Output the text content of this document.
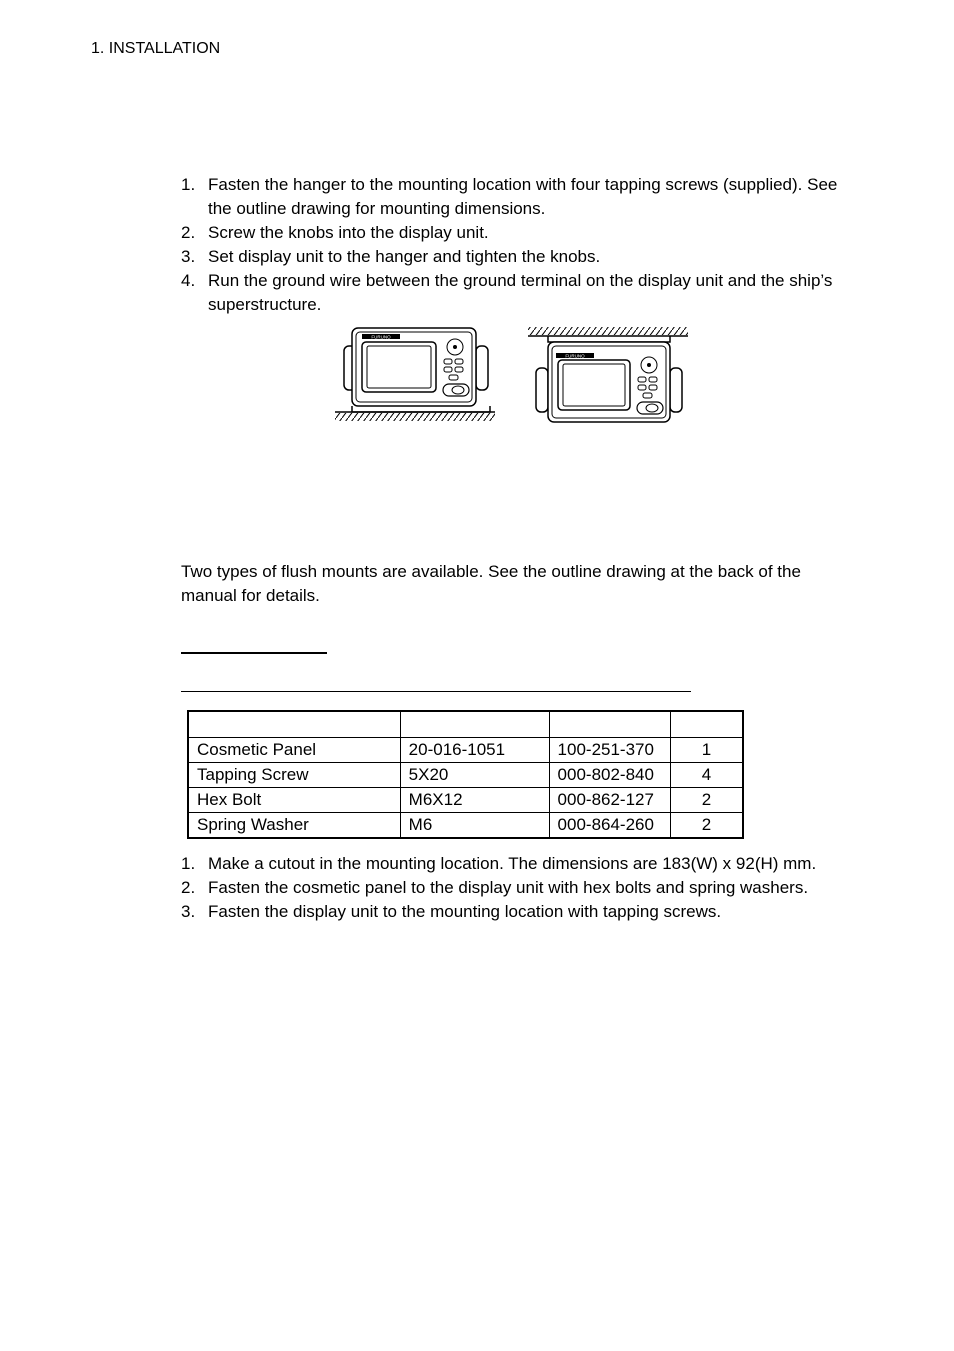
1. INSTALLATION
1. Fasten the hanger to the mounting location with four tapping screws (supplied). See the outline drawing for mounting dimensions.
2. Screw the knobs into the display unit.
3. Set display unit to the hanger and tighten the knobs.
4. Run the ground wire between the ground terminal on the display unit and the ship’s superstructure.
FURUNO
FURUNO
Two types of flush mounts are available. See the outline drawing at the back of the manual for details.

Cosmetic Panel	20-016-1051	100-251-370	1
Tapping Screw	5X20	000-802-840	4
Hex Bolt	M6X12	000-862-127	2
Spring Washer	M6	000-864-260	2
1. Make a cutout in the mounting location. The dimensions are 183(W) x 92(H) mm.
2. Fasten the cosmetic panel to the display unit with hex bolts and spring washers.
3. Fasten the display unit to the mounting location with tapping screws.
